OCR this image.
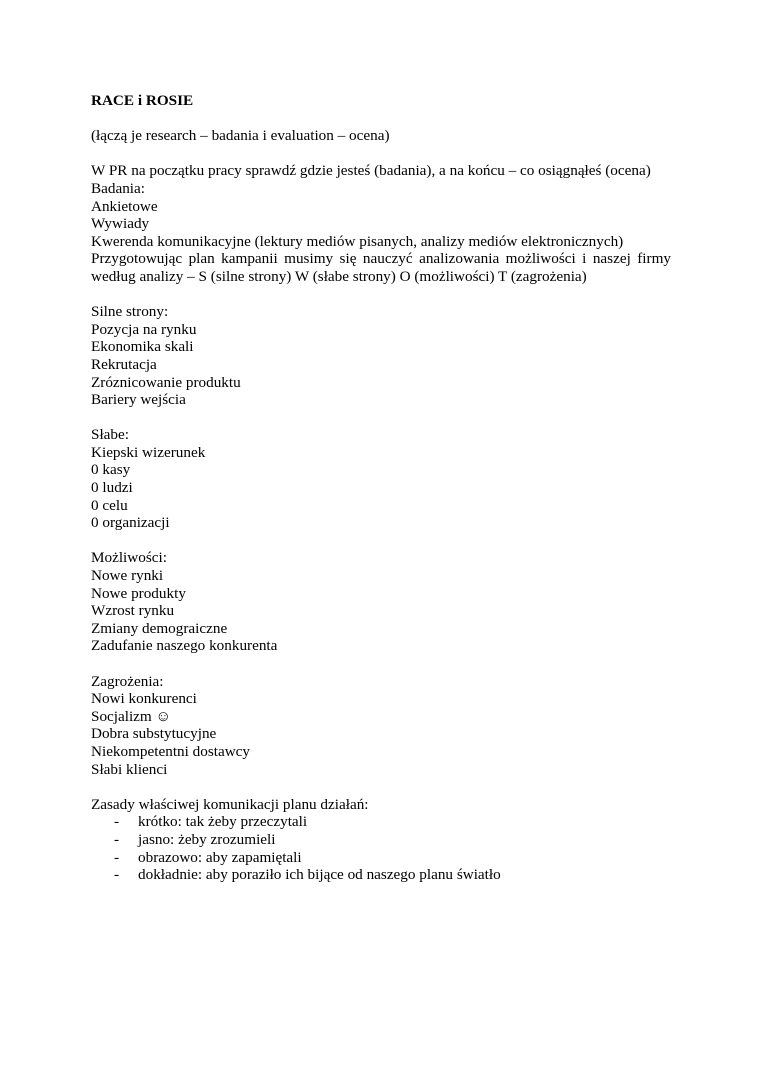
RACE i ROSIE
(łączą je research – badania i evaluation – ocena)
W PR na początku pracy sprawdź gdzie jesteś (badania), a na końcu – co osiągnąłeś (ocena)
Badania:
Ankietowe
Wywiady
Kwerenda komunikacyjne (lektury mediów pisanych, analizy mediów elektronicznych)
Przygotowując plan kampanii musimy się nauczyć analizowania możliwości i naszej firmy
według analizy – S (silne strony) W (słabe strony) O (możliwości) T (zagrożenia)
Silne strony:
Pozycja na rynku
Ekonomika skali
Rekrutacja
Zróznicowanie produktu
Bariery wejścia
Słabe:
Kiepski wizerunek
0 kasy
0 ludzi
0 celu
0 organizacji
Możliwości:
Nowe rynki
Nowe produkty
Wzrost rynku
Zmiany demograiczne
Zadufanie naszego konkurenta
Zagrożenia:
Nowi konkurenci
Socjalizm ☺
Dobra substytucyjne
Niekompetentni dostawcy
Słabi klienci
Zasady właściwej komunikacji planu działań:
- krótko: tak żeby przeczytali
- jasno: żeby zrozumieli
- obrazowo: aby zapamiętali
- dokładnie: aby poraziło ich bijące od naszego planu światło
